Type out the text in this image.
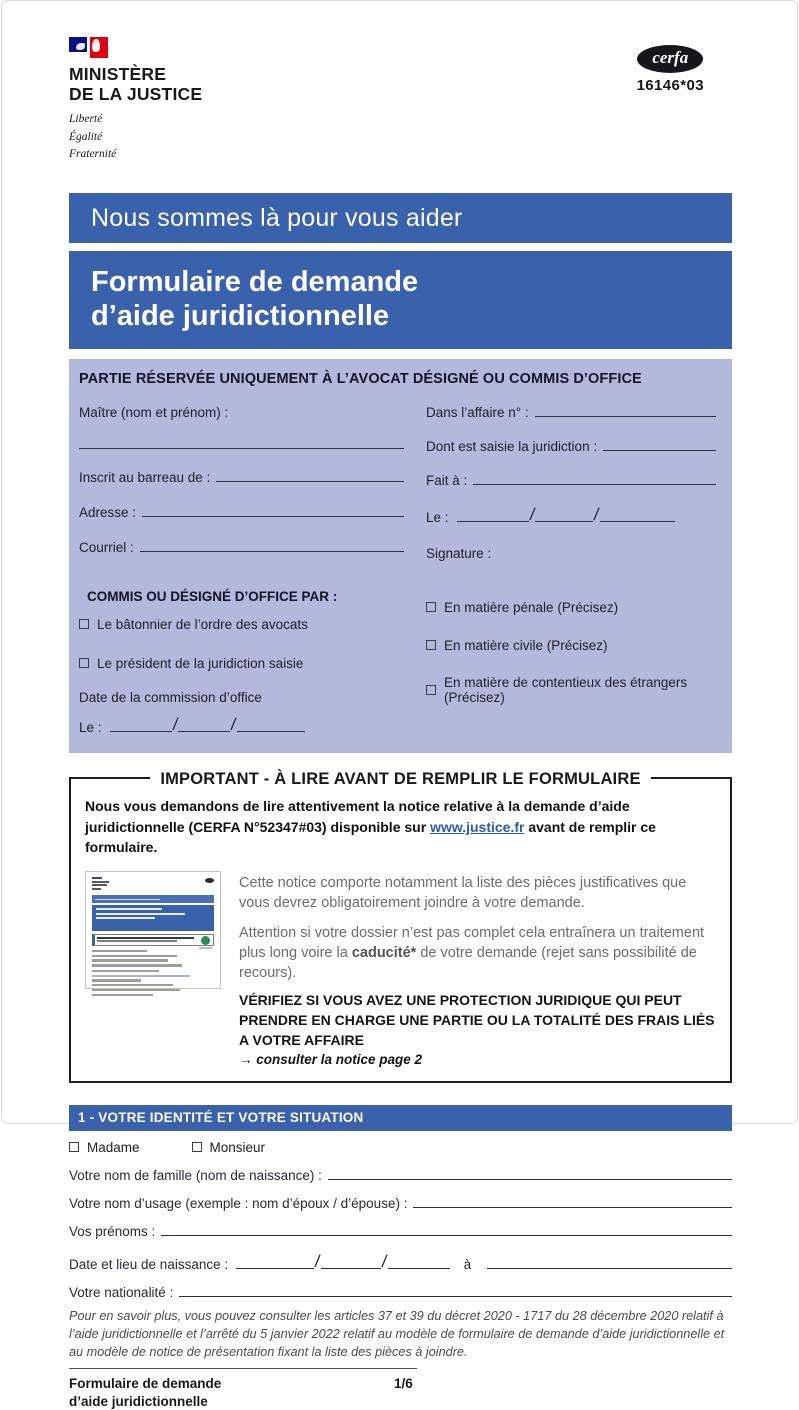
MINISTÈRE
DE LA JUSTICE
Liberté
Égalité
Fraternité
cerfa
16146*03
Nous sommes là pour vous aider
Formulaire de demande
d’aide juridictionnelle
PARTIE RÉSERVÉE UNIQUEMENT À L’AVOCAT DÉSIGNÉ OU COMMIS D’OFFICE
Maître (nom et prénom) :
Inscrit au barreau de :
Adresse :
Courriel :
COMMIS OU DÉSIGNÉ D’OFFICE PAR :
Le bâtonnier de l’ordre des avocats
Le président de la juridiction saisie
Date de la commission d’office
Le :	/	/
Dans l’affaire n° :
Dont est saisie la juridiction :
Fait à :
Le :	/	/
Signature :
En matière pénale (Précisez)
En matière civile (Précisez)
En matière de contentieux des étrangers (Précisez)
IMPORTANT - À LIRE AVANT DE REMPLIR LE FORMULAIRE

Nous vous demandons de lire attentivement la notice relative à la demande d’aide juridictionnelle (CERFA N°52347#03) disponible sur www.justice.fr avant de remplir ce formulaire.

Cette notice comporte notamment la liste des pièces justificatives que vous devrez obligatoirement joindre à votre demande.

Attention si votre dossier n’est pas complet cela entraînera un traitement plus long voire la caducité* de votre demande (rejet sans possibilité de recours).

VÉRIFIEZ SI VOUS AVEZ UNE PROTECTION JURIDIQUE QUI PEUT PRENDRE EN CHARGE UNE PARTIE OU LA TOTALITÉ DES FRAIS LIÉS A VOTRE AFFAIRE

→ consulter la notice page 2

1 - VOTRE IDENTITÉ ET VOTRE SITUATION
Madame	Monsieur
Votre nom de famille (nom de naissance) :
Votre nom d’usage (exemple : nom d’époux / d’épouse) :
Vos prénoms :
Date et lieu de naissance :	/	/	à
Votre nationalité :

Pour en savoir plus, vous pouvez consulter les articles 37 et 39 du décret 2020 - 1717 du 28 décembre 2020 relatif à l’aide juridictionnelle et l’arrêté du 5 janvier 2022 relatif au modèle de formulaire de demande d’aide juridictionnelle et au modèle de notice de présentation fixant la liste des pièces à joindre.

Formulaire de demande
d’aide juridictionnelle
1/6
